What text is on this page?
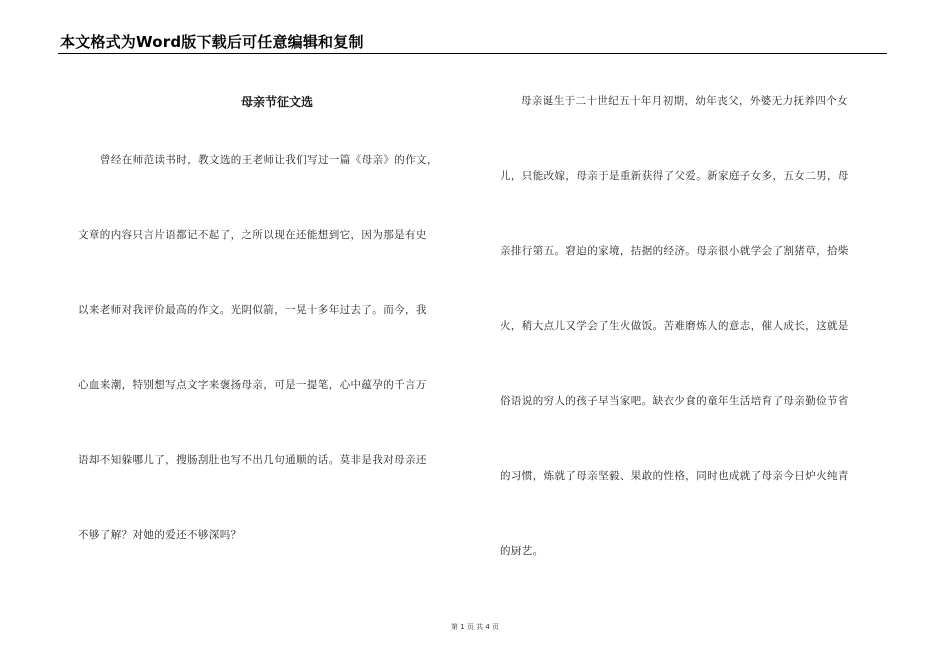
本文格式为Word版下载后可任意编辑和复制
母亲节征文选
曾经在师范读书时，教文选的王老师让我们写过一篇《母亲》的作文，
文章的内容只言片语都记不起了，之所以现在还能想到它，因为那是有史
以来老师对我评价最高的作文。光阴似箭，一晃十多年过去了。而今，我
心血来潮，特别想写点文字来褒扬母亲，可是一提笔，心中蕴孕的千言万
语却不知躲哪儿了，搜肠刮肚也写不出几句通顺的话。莫非是我对母亲还
不够了解？对她的爱还不够深吗？
母亲诞生于二十世纪五十年月初期，幼年丧父，外婆无力抚养四个女
儿，只能改嫁，母亲于是重新获得了父爱。新家庭子女多，五女二男，母
亲排行第五。窘迫的家境，拮据的经济。母亲很小就学会了割猪草，拾柴
火，稍大点儿又学会了生火做饭。苦难磨炼人的意志，催人成长，这就是
俗语说的穷人的孩子早当家吧。缺衣少食的童年生活培育了母亲勤俭节省
的习惯，炼就了母亲坚毅、果敢的性格，同时也成就了母亲今日炉火纯青
的厨艺。
第 1 页 共 4 页
